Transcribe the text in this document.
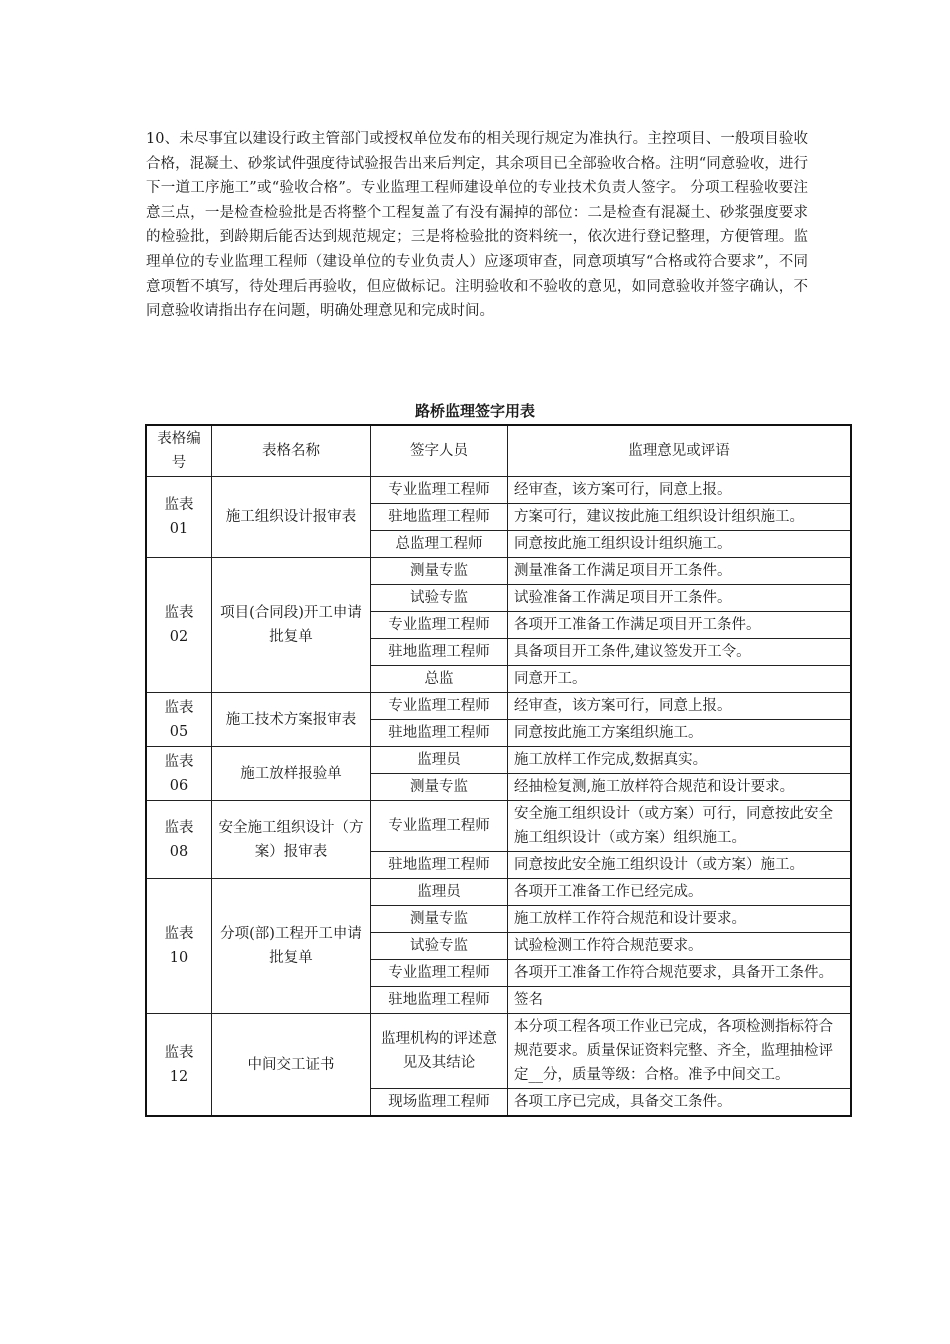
10、未尽事宜以建设行政主管部门或授权单位发布的相关现行规定为准执行。主控项目、一般项目验收合格，混凝土、砂浆试件强度待试验报告出来后判定，其余项目已全部验收合格。注明“同意验收，进行下一道工序施工”或“验收合格”。专业监理工程师建设单位的专业技术负责人签字。 分项工程验收要注意三点，一是检查检验批是否将整个工程复盖了有没有漏掉的部位：二是检查有混凝土、砂浆强度要求的检验批，到龄期后能否达到规范规定；三是将检验批的资料统一，依次进行登记整理，方便管理。监理单位的专业监理工程师（建设单位的专业负责人）应逐项审查，同意项填写“合格或符合要求”，不同意项暂不填写，待处理后再验收，但应做标记。注明验收和不验收的意见，如同意验收并签字确认，不同意验收请指出存在问题，明确处理意见和完成时间。

路桥监理签字用表
表格编号	表格名称	签字人员	监理意见或评语

监表
01	施工组织设计报审表	专业监理工程师	经审查，该方案可行，同意上报。
		驻地监理工程师	方案可行，建议按此施工组织设计组织施工。
		总监理工程师	同意按此施工组织设计组织施工。

监表
02	项目(合同段)开工申请批复单	测量专监	测量准备工作满足项目开工条件。
		试验专监	试验准备工作满足项目开工条件。
		专业监理工程师	各项开工准备工作满足项目开工条件。
		驻地监理工程师	具备项目开工条件,建议签发开工令。
		总监	同意开工。

监表
05	施工技术方案报审表	专业监理工程师	经审查，该方案可行，同意上报。
		驻地监理工程师	同意按此施工方案组织施工。

监表
06	施工放样报验单	监理员	施工放样工作完成,数据真实。
		测量专监	经抽检复测,施工放样符合规范和设计要求。

监表
08	安全施工组织设计（方案）报审表	专业监理工程师	安全施工组织设计（或方案）可行，同意按此安全施工组织设计（或方案）组织施工。
		驻地监理工程师	同意按此安全施工组织设计（或方案）施工。

监表
10	分项(部)工程开工申请批复单	监理员	各项开工准备工作已经完成。
		测量专监	施工放样工作符合规范和设计要求。
		试验专监	试验检测工作符合规范要求。
		专业监理工程师	各项开工准备工作符合规范要求，具备开工条件。
		驻地监理工程师	签名

监表
12	中间交工证书	监理机构的评述意见及其结论	本分项工程各项工作业已完成，各项检测指标符合规范要求。质量保证资料完整、齐全，监理抽检评定__分，质量等级：合格。准予中间交工。
		现场监理工程师	各项工序已完成，具备交工条件。
